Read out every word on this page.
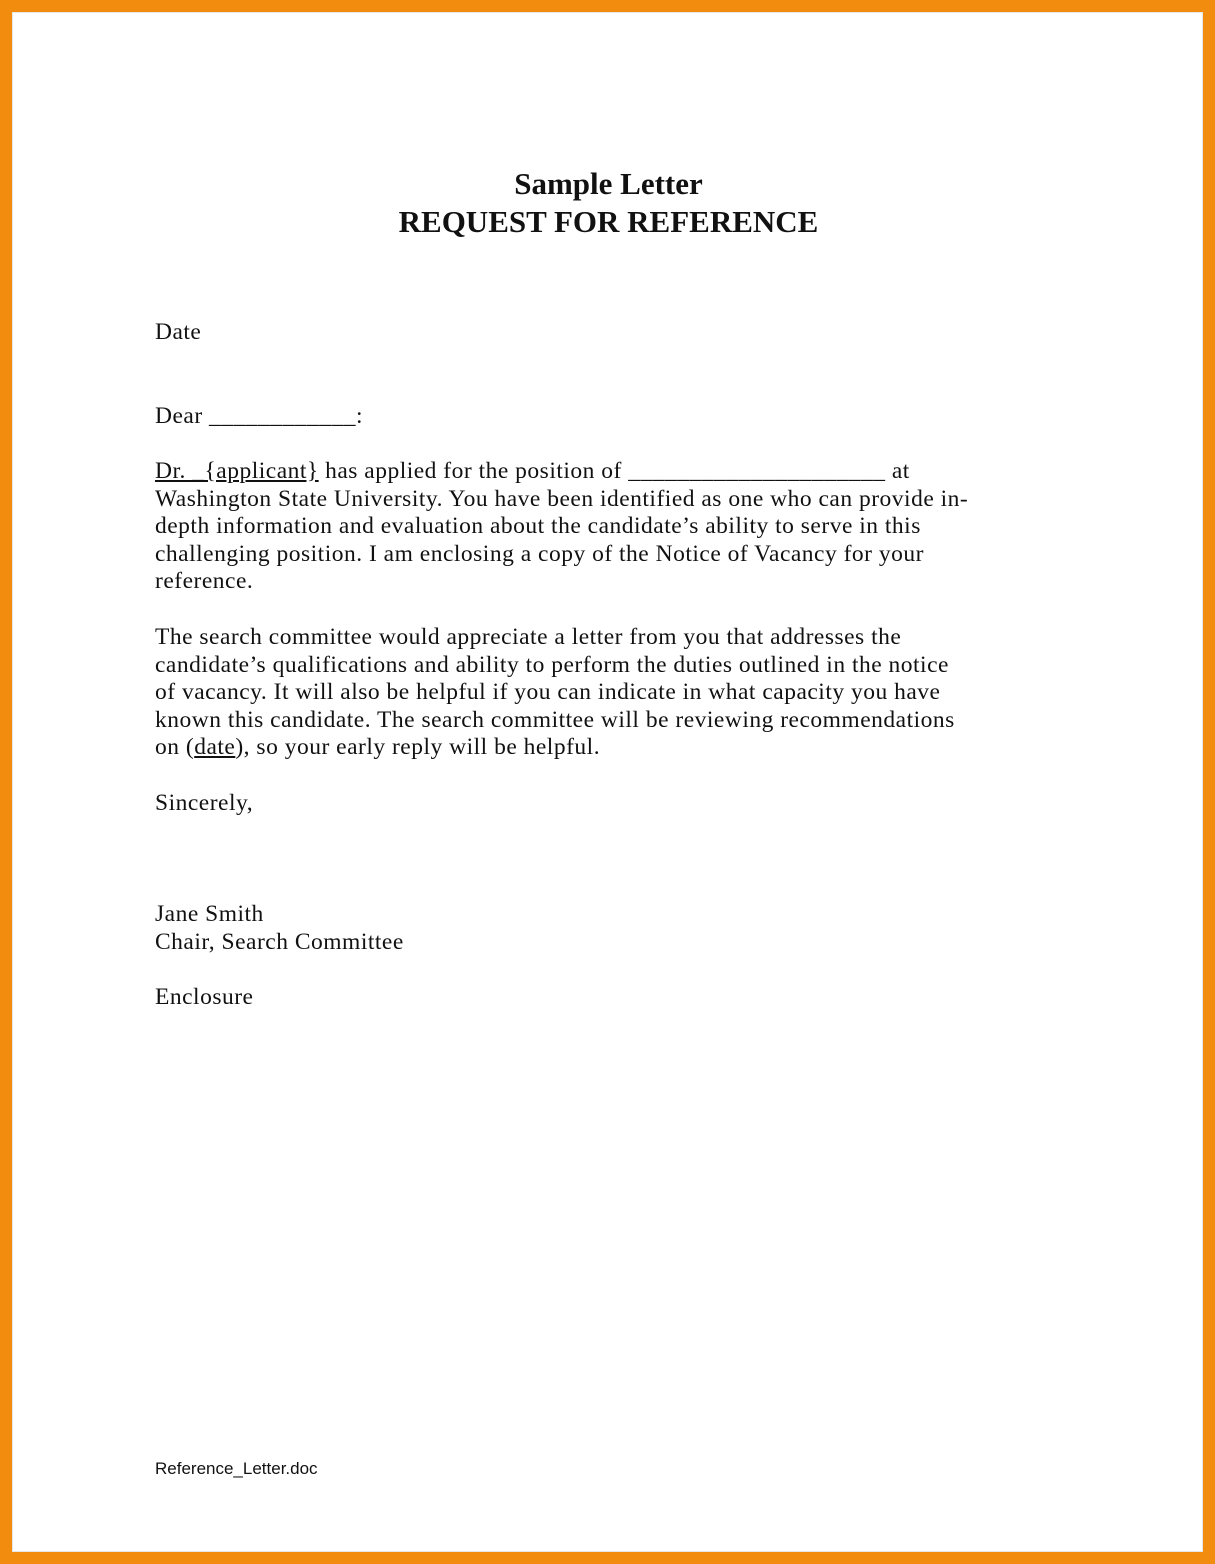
Sample Letter
REQUEST FOR REFERENCE
Date
Dear ____________:
Dr. _{applicant} has applied for the position of _____________________ at
Washington State University. You have been identified as one who can provide in-
depth information and evaluation about the candidate’s ability to serve in this
challenging position. I am enclosing a copy of the Notice of Vacancy for your
reference.
The search committee would appreciate a letter from you that addresses the
candidate’s qualifications and ability to perform the duties outlined in the notice
of vacancy. It will also be helpful if you can indicate in what capacity you have
known this candidate. The search committee will be reviewing recommendations
on (date), so your early reply will be helpful.
Sincerely,
Jane Smith
Chair, Search Committee
Enclosure
Reference_Letter.doc
